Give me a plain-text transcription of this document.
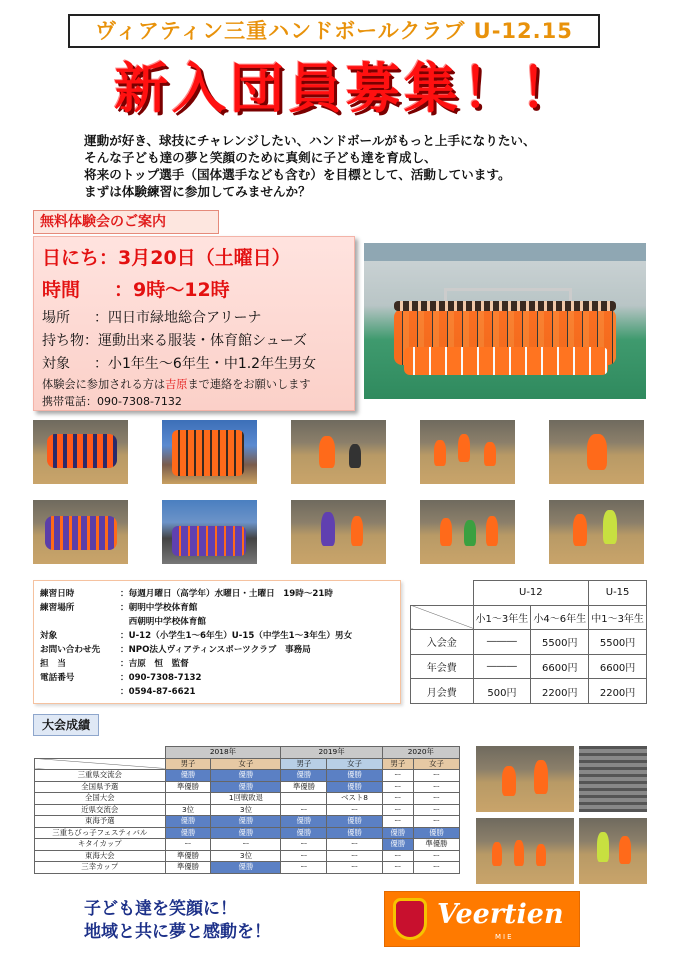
ヴィアティン三重ハンドボールクラブ U-12.15
新入団員募集！！
運動が好き、球技にチャレンジしたい、ハンドボールがもっと上手になりたい、
そんな子ども達の夢と笑顔のために真剣に子ども達を育成し、
将来のトップ選手（国体選手なども含む）を目標として、活動しています。
まずは体験練習に参加してみませんか？
無料体験会のご案内
日にち：3月20日（土曜日）
時間 ：9時〜12時
場所 ：四日市緑地総合アリーナ
持ち物：運動出来る服装・体育館シューズ
対象 ：小1年生〜6年生・中1.2年生男女
体験会に参加される方は吉原まで連絡をお願いします
携帯電話：090-7308-7132
練習日時	：毎週月曜日（高学年）水曜日・土曜日　19時〜21時
練習場所	：朝明中学校体育館
　西朝明中学校体育館
対象	：U-12（小学生1〜6年生）U-15（中学生1〜3年生）男女
お問い合わせ先 ：NPO法人ヴィアティンスポーツクラブ　事務局
担　当	：吉原　恒　監督
電話番号	：090-7308-7132
：0594-87-6621
	U-12		U-15
	小1〜3年生	小4〜6年生	中1〜3年生
入会金	―――	5500円	5500円
年会費	―――	6600円	6600円
月会費	500円	2200円	2200円
大会成績
	2018年		2019年		2020年	
	男子	女子	男子	女子	男子	女子
三重県交流会	優勝	優勝	優勝	優勝	ー	ー
全国県予選	準優勝	優勝	準優勝	優勝	ー	ー
全国大会		1回戦敗退		ベスト8	ー	ー
近県交流会	3位	3位	ー	ー	ー	ー
東海予選	優勝	優勝	優勝	優勝	ー	ー
三重ちびっ子フェスティバル	優勝	優勝	優勝	優勝	優勝	優勝
キタイカップ	ー	ー	ー	ー	優勝	準優勝
東海大会	準優勝	3位	ー	ー	ー	ー
三幸カップ	準優勝	優勝	ー	ー	ー	ー
子ども達を笑顔に！
地域と共に夢と感動を！
Veertien
MIE
